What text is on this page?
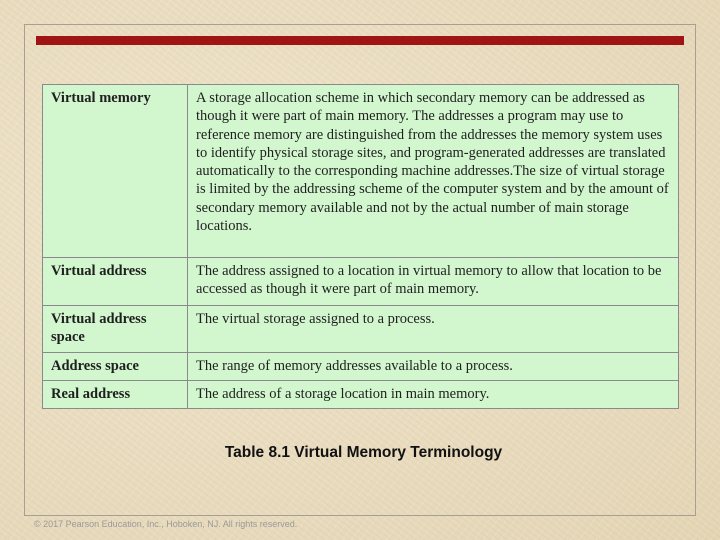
Virtual memory	A storage allocation scheme in which secondary memory can be addressed as though it were part of main memory. The addresses a program may use to reference memory are distinguished from the addresses the memory system uses to identify physical storage sites, and program-generated addresses are translated automatically to the corresponding machine addresses.The size of virtual storage is limited by the addressing scheme of the computer system and by the amount of secondary memory available and not by the actual number of main storage locations.
Virtual address	The address assigned to a location in virtual memory to allow that location to be accessed as though it were part of main memory.
Virtual address space	The virtual storage assigned to a process.
Address space	The range of memory addresses available to a process.
Real address	The address of a storage location in main memory.
Table 8.1 Virtual Memory Terminology
© 2017 Pearson Education, Inc., Hoboken, NJ. All rights reserved.
